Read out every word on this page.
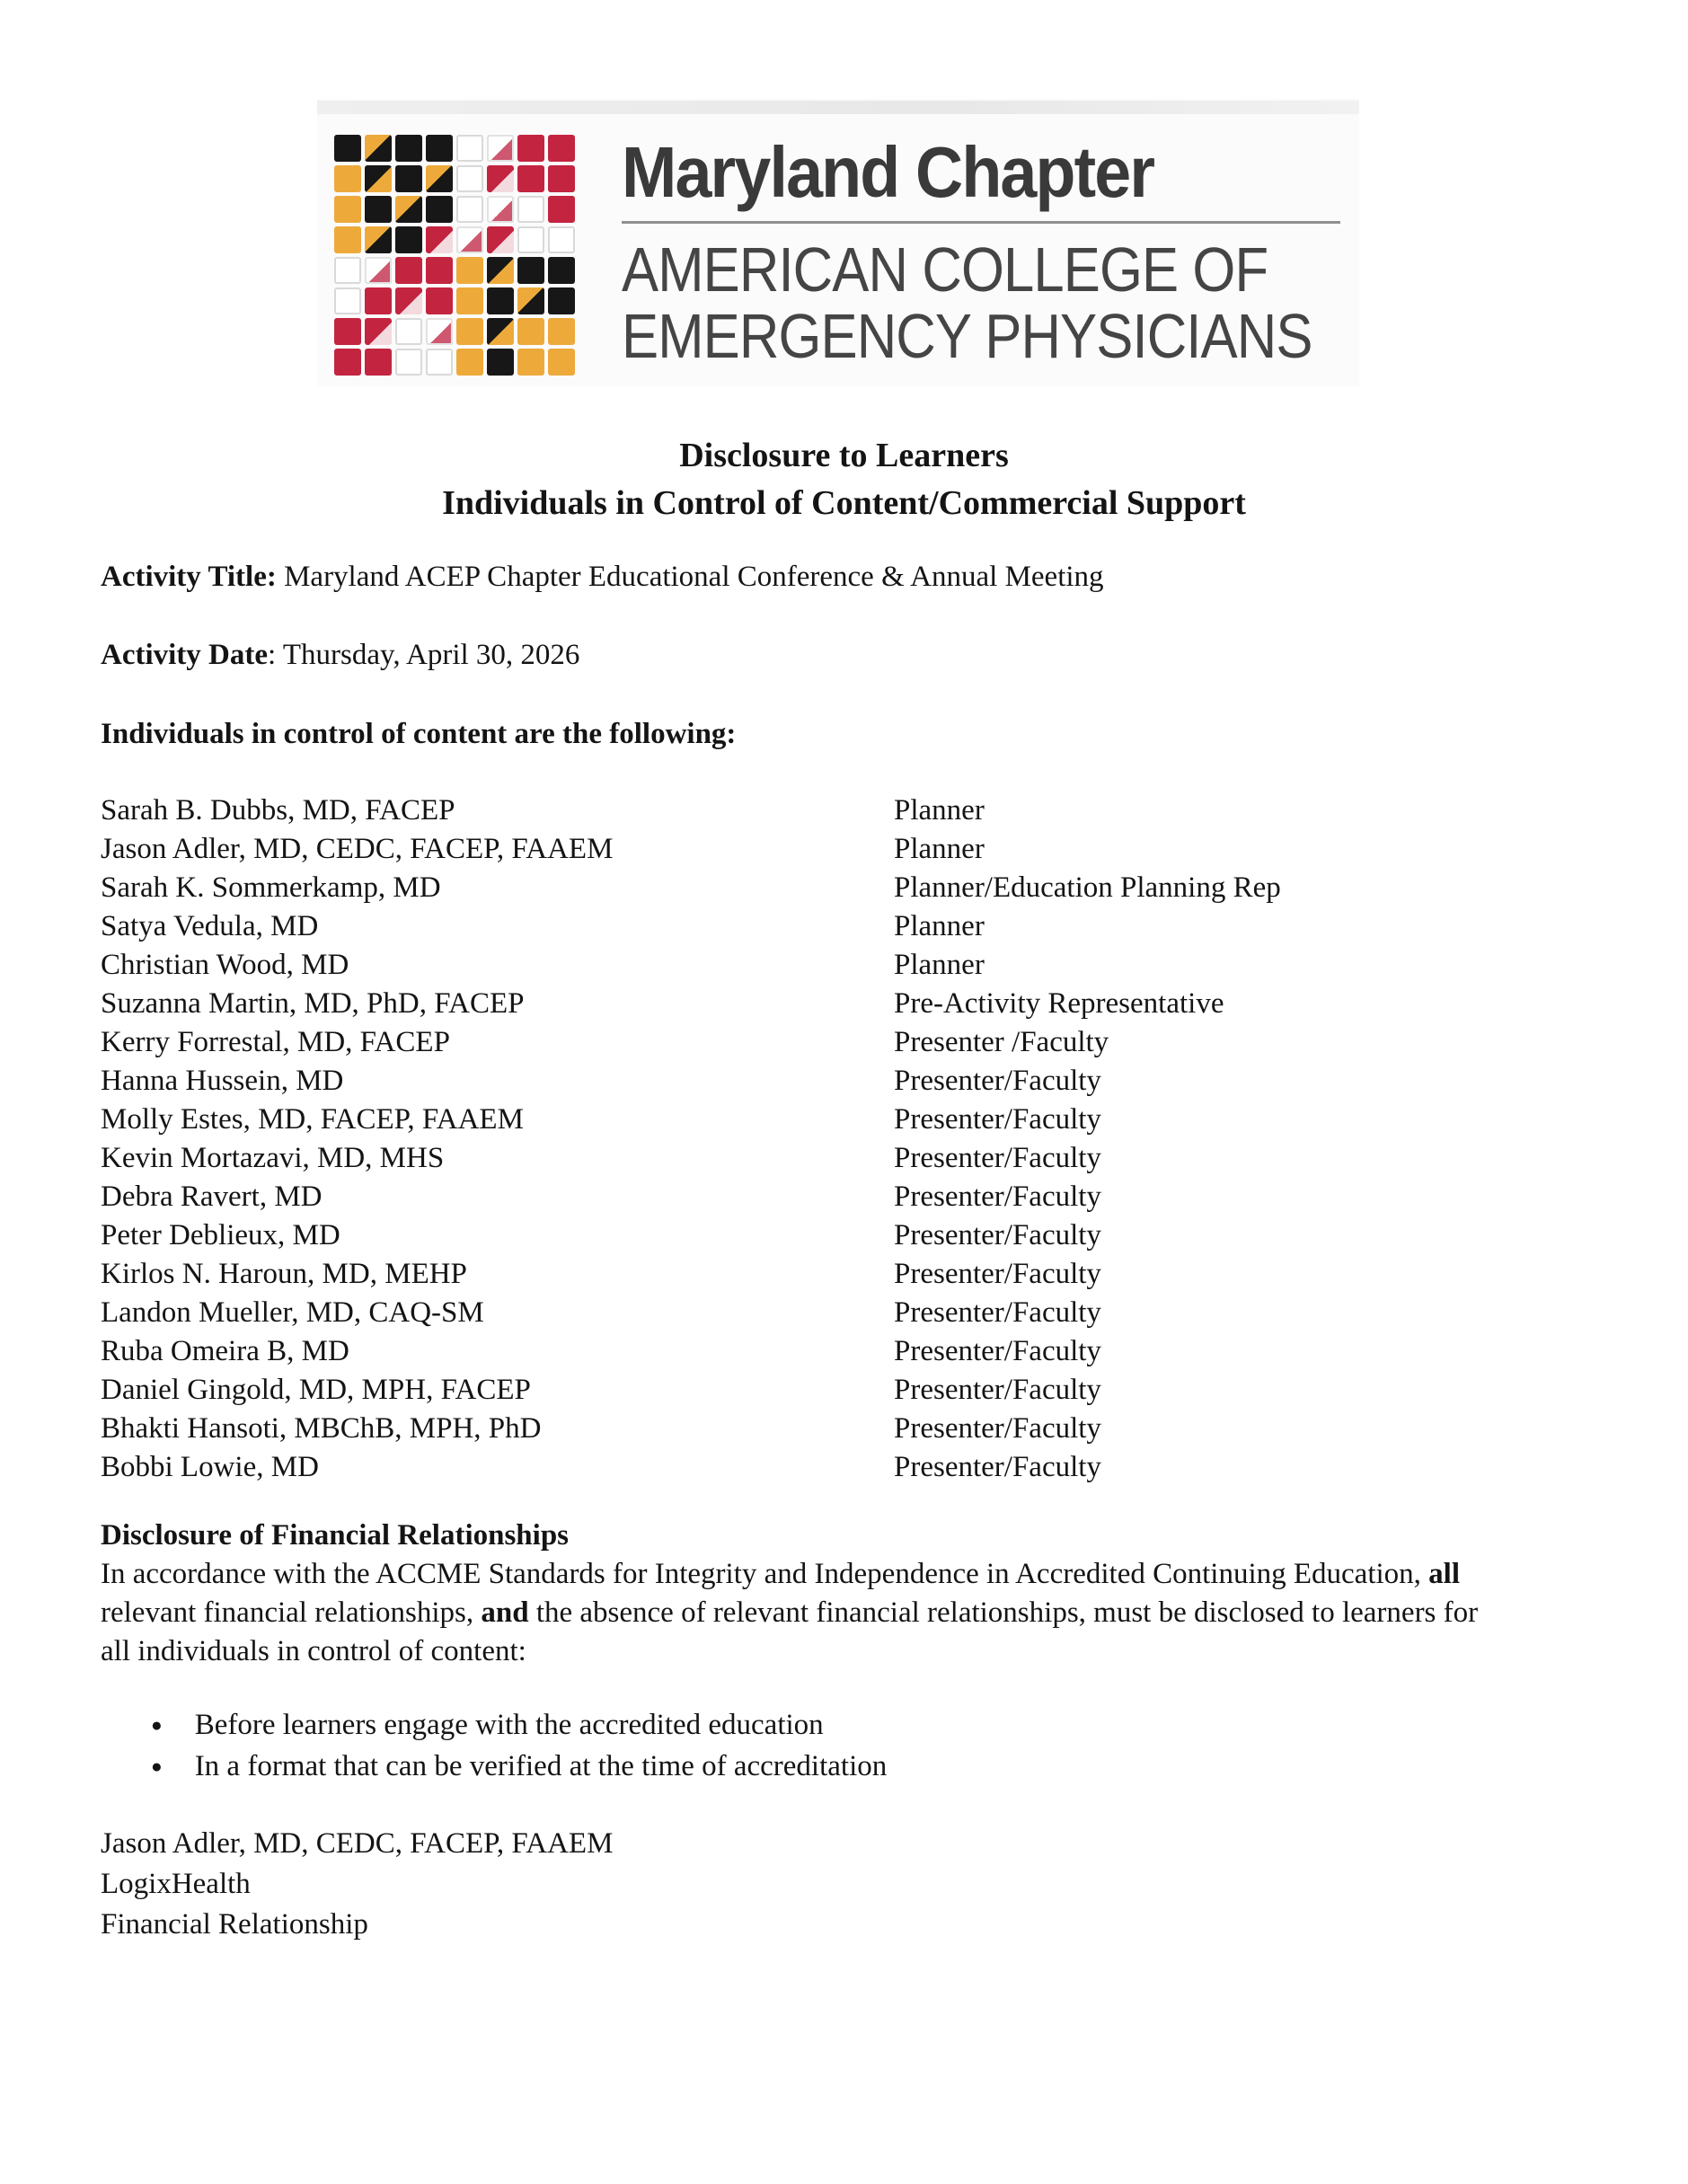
Maryland Chapter
AMERICAN COLLEGE OF
EMERGENCY PHYSICIANS
Disclosure to Learners
Individuals in Control of Content/Commercial Support

Activity Title: Maryland ACEP Chapter Educational Conference & Annual Meeting

Activity Date: Thursday, April 30, 2026

Individuals in control of content are the following:

Sarah B. Dubbs, MD, FACEP	Planner
Jason Adler, MD, CEDC, FACEP, FAAEM	Planner
Sarah K. Sommerkamp, MD	Planner/Education Planning Rep
Satya Vedula, MD	Planner
Christian Wood, MD	Planner
Suzanna Martin, MD, PhD, FACEP	Pre-Activity Representative
Kerry Forrestal, MD, FACEP	Presenter /Faculty
Hanna Hussein, MD	Presenter/Faculty
Molly Estes, MD, FACEP, FAAEM	Presenter/Faculty
Kevin Mortazavi, MD, MHS	Presenter/Faculty
Debra Ravert, MD	Presenter/Faculty
Peter Deblieux, MD	Presenter/Faculty
Kirlos N. Haroun, MD, MEHP	Presenter/Faculty
Landon Mueller, MD, CAQ-SM	Presenter/Faculty
Ruba Omeira B, MD	Presenter/Faculty
Daniel Gingold, MD, MPH, FACEP	Presenter/Faculty
Bhakti Hansoti, MBChB, MPH, PhD	Presenter/Faculty
Bobbi Lowie, MD	Presenter/Faculty

Disclosure of Financial Relationships

In accordance with the ACCME Standards for Integrity and Independence in Accredited Continuing Education, all relevant financial relationships, and the absence of relevant financial relationships, must be disclosed to learners for all individuals in control of content:

● Before learners engage with the accredited education
● In a format that can be verified at the time of accreditation
Jason Adler, MD, CEDC, FACEP, FAAEM
LogixHealth
Financial Relationship
